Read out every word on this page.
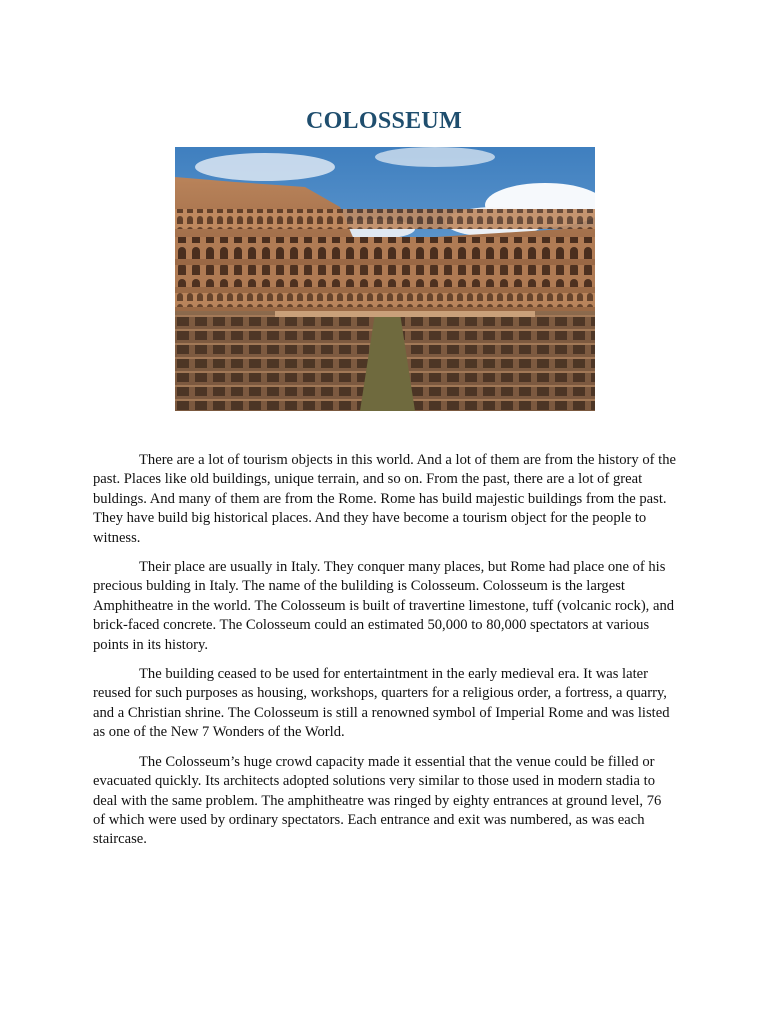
COLOSSEUM

There are a lot of tourism objects in this world. And a lot of them are from the history of the past. Places like old buildings, unique terrain, and so on. From the past, there are a lot of great buldings. And many of them are from the Rome. Rome has build majestic buildings from the past. They have build big historical places. And they have become a tourism object for the people to witness.

Their place are usually in Italy. They conquer many places, but Rome had place one of his precious bulding in Italy. The name of the bulilding is Colosseum. Colosseum is the largest Amphitheatre in the world. The Colosseum is built of travertine limestone, tuff (volcanic rock), and brick-faced concrete. The Colosseum could an estimated 50,000 to 80,000 spectators at various points in its history.

The building ceased to be used for entertaintment in the early medieval era. It was later reused for such purposes as housing, workshops, quarters for a religious order, a fortress, a quarry, and a Christian shrine. The Colosseum is still a renowned symbol of Imperial Rome and was listed as one of the New 7 Wonders of the World.

The Colosseum’s huge crowd capacity made it essential that the venue could be filled or evacuated quickly. Its architects adopted solutions very similar to those used in modern stadia to deal with the same problem. The amphitheatre was ringed by eighty entrances at ground level, 76 of which were used by ordinary spectators. Each entrance and exit was numbered, as was each staircase.
